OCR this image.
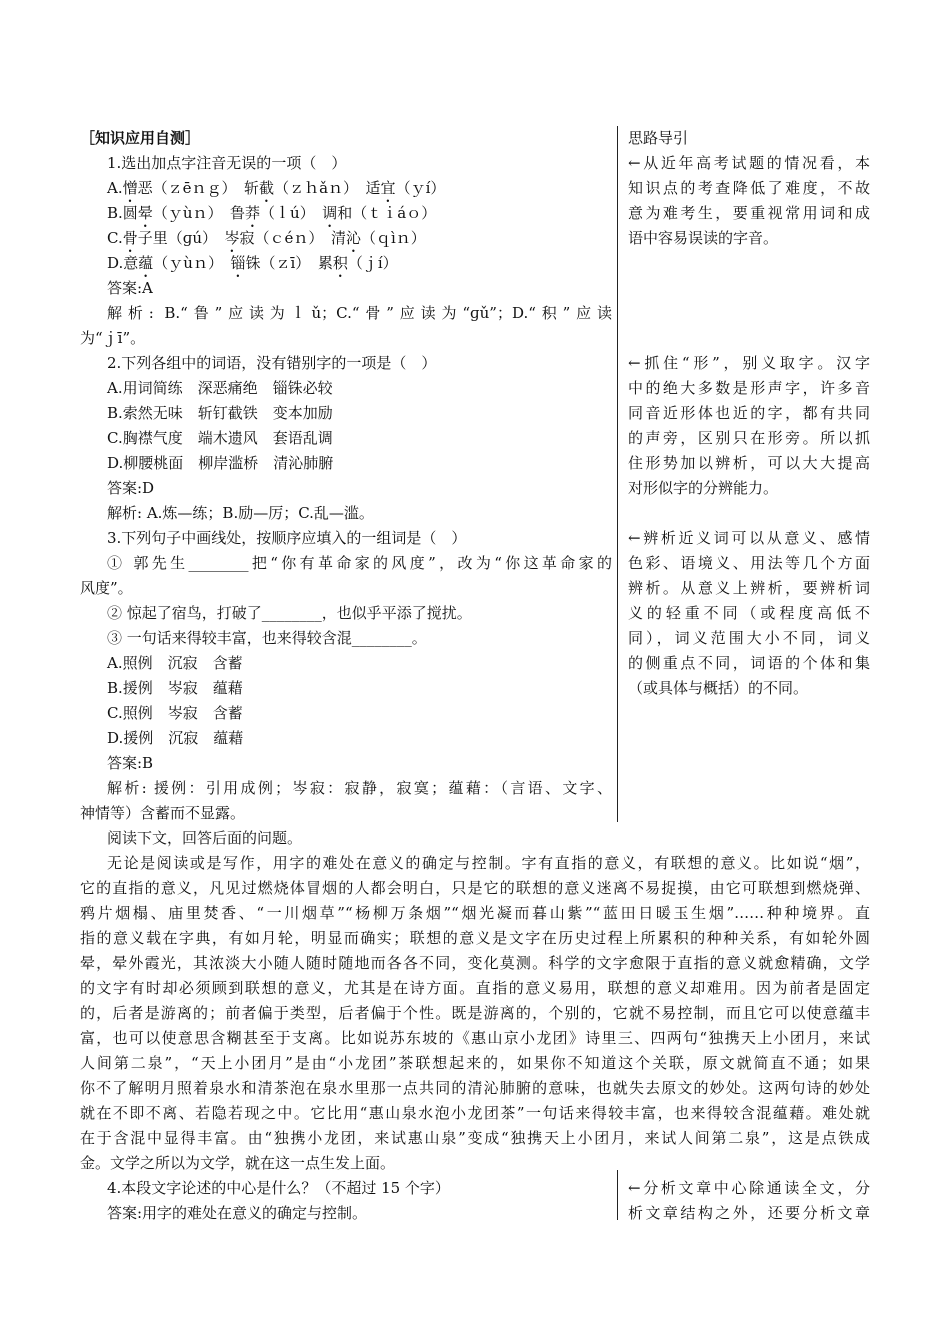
［知识应用自测］	思路导引
1.选出加点字注音无误的一项（　）
A.憎恶（ｚēｎｇ）　 斩截（ｚｈǎｎ）　 适宜（ｙí）
B.圆晕（ｙùｎ）　 鲁莽（ｌú）　 调和（ｔｉáｏ）
C.骨子里（ɡú）　 岑寂（ｃéｎ）　 清沁（ｑìｎ）
D.意蕴（ｙùｎ）　 锱铢（ｚī）　 累积（ｊí）
答案:A
解析: B.“鲁”应读为ｌǔ；C.“骨”应读为“ɡǔ”；D.“积”应读
为“ｊī”。
←从近年高考试题的情况看，本
知识点的考查降低了难度，不故
意为难考生，要重视常用词和成
语中容易误读的字音。
2.下列各组中的词语，没有错别字的一项是（　）
A.用词简练　深恶痛绝　锱铢必较
B.索然无味　斩钉截铁　变本加励
C.胸襟气度　端木遗风　套语乱调
D.柳腰桃面　柳岸滥桥　清沁肺腑
答案:D
解析: A.炼—练；B.励—厉；C.乱—滥。
←抓住“形”，别义取字。汉字
中的绝大多数是形声字，许多音
同音近形体也近的字，都有共同
的声旁，区别只在形旁。所以抓
住形势加以辨析，可以大大提高
对形似字的分辨能力。
3.下列句子中画线处，按顺序应填入的一组词是（　）
① 郭先生________把“你有革命家的风度”，改为“你这革命家的
风度”。
② 惊起了宿鸟，打破了________，也似乎平添了搅扰。
③ 一句话来得较丰富，也来得较含混________。
A.照例　沉寂　含蓄
B.援例　岑寂　蕴藉
C.照例　岑寂　含蓄
D.援例　沉寂　蕴藉
答案:B
解析: 援例：引用成例；岑寂：寂静，寂寞；蕴藉：（言语、文字、
神情等）含蓄而不显露。
←辨析近义词可以从意义、感情
色彩、语境义、用法等几个方面
辨析。从意义上辨析，要辨析词
义的轻重不同（或程度高低不
同），词义范围大小不同，词义
的侧重点不同，词语的个体和集
（或具体与概括）的不同。
阅读下文，回答后面的问题。
无论是阅读或是写作，用字的难处在意义的确定与控制。字有直指的意义，有联想的意义。比如说“烟”，
它的直指的意义，凡见过燃烧体冒烟的人都会明白，只是它的联想的意义迷离不易捉摸，由它可联想到燃烧弹、
鸦片烟榻、庙里焚香、“一川烟草”“杨柳万条烟”“烟光凝而暮山紫”“蓝田日暖玉生烟”……种种境界。直
指的意义载在字典，有如月轮，明显而确实；联想的意义是文字在历史过程上所累积的种种关系，有如轮外圆
晕，晕外霞光，其浓淡大小随人随时随地而各各不同，变化莫测。科学的文字愈限于直指的意义就愈精确，文学
的文字有时却必须顾到联想的意义，尤其是在诗方面。直指的意义易用，联想的意义却难用。因为前者是固定
的，后者是游离的；前者偏于类型，后者偏于个性。既是游离的，个别的，它就不易控制，而且它可以使意蕴丰
富，也可以使意思含糊甚至于支离。比如说苏东坡的《惠山京小龙团》诗里三、四两句“独携天上小团月，来试
人间第二泉”，“天上小团月”是由“小龙团”茶联想起来的，如果你不知道这个关联，原文就简直不通；如果
你不了解明月照着泉水和清茶泡在泉水里那一点共同的清沁肺腑的意味，也就失去原文的妙处。这两句诗的妙处
就在不即不离、若隐若现之中。它比用“惠山泉水泡小龙团茶”一句话来得较丰富，也来得较含混蕴藉。难处就
在于含混中显得丰富。由“独携小龙团，来试惠山泉”变成“独携天上小团月，来试人间第二泉”，这是点铁成
金。文学之所以为文学，就在这一点生发上面。
4.本段文字论述的中心是什么？（不超过 15 个字）
答案:用字的难处在意义的确定与控制。
←分析文章中心除通读全文，分
析文章结构之外，还要分析文章
